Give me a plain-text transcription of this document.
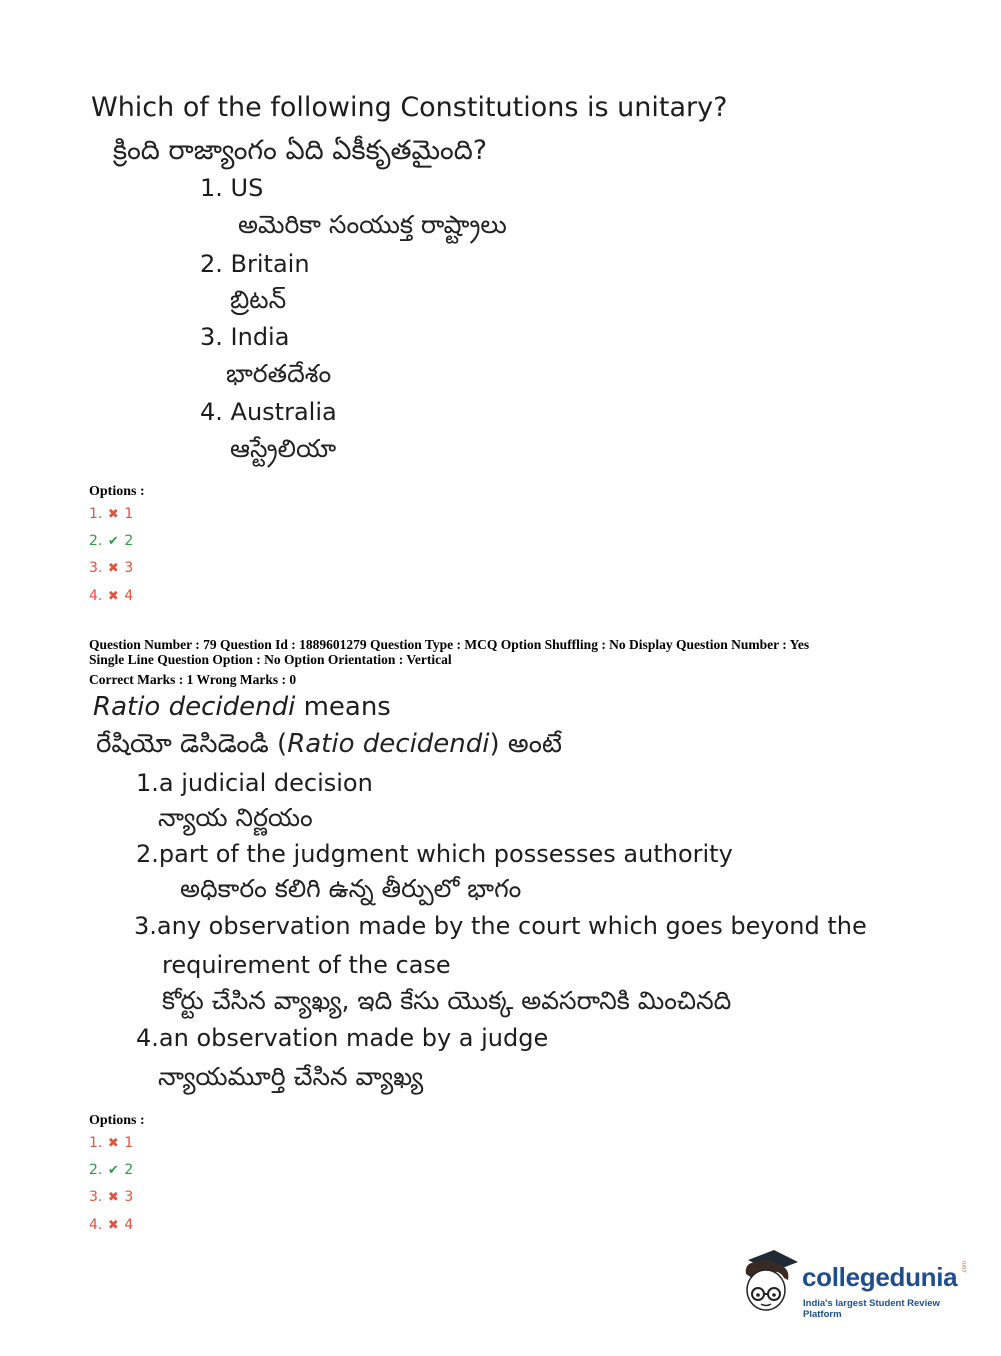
Which of the following Constitutions is unitary?
క్రింది రాజ్యాంగం ఏది ఏకీకృతమైంది?
1. US
అమెరికా సంయుక్త రాష్ట్రాలు
2. Britain
బ్రిటన్
3. India
భారతదేశం
4. Australia
ఆస్ట్రేలియా
Options :
1. ✖ 1
2. ✔ 2
3. ✖ 3
4. ✖ 4
Question Number : 79 Question Id : 1889601279 Question Type : MCQ Option Shuffling : No Display Question Number : Yes
Single Line Question Option : No Option Orientation : Vertical
Correct Marks : 1 Wrong Marks : 0
Ratio decidendi means
రేషియో డెసిడెండి (Ratio decidendi) అంటే
1.a judicial decision
న్యాయ నిర్ణయం
2.part of the judgment which possesses authority
అధికారం కలిగి ఉన్న తీర్పులో భాగం
3.any observation made by the court which goes beyond the
requirement of the case
కోర్టు చేసిన వ్యాఖ్య, ఇది కేసు యొక్క అవసరానికి మించినది
4.an observation made by a judge
న్యాయమూర్తి చేసిన వ్యాఖ్య
Options :
1. ✖ 1
2. ✔ 2
3. ✖ 3
4. ✖ 4
collegedunia .com
India's largest Student Review Platform
